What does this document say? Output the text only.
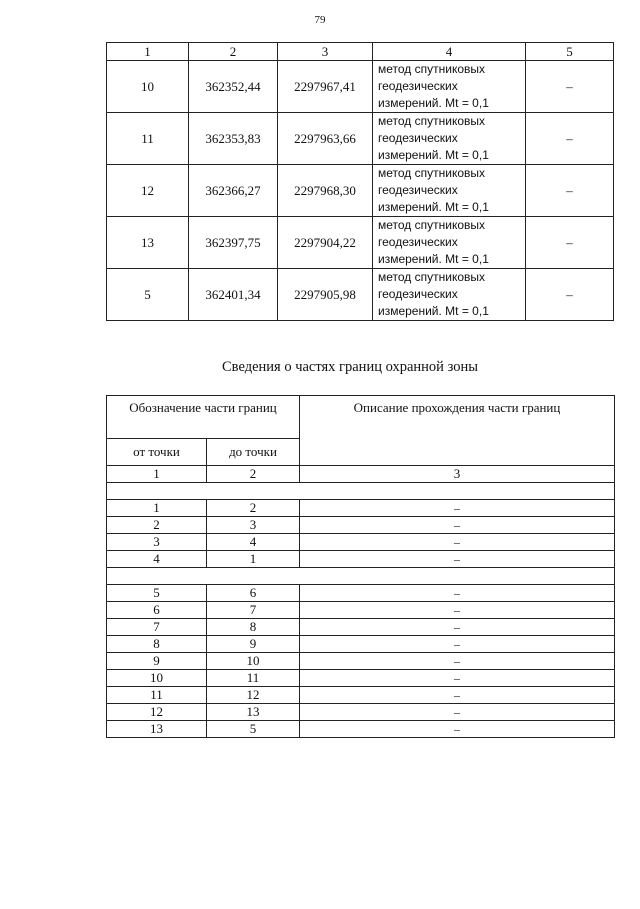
79
1	2	3	4	5
10	362352,44	2297967,41	метод спутниковых
геодезических
измерений. Mt = 0,1	–
11	362353,83	2297963,66	метод спутниковых
геодезических
измерений. Mt = 0,1	–
12	362366,27	2297968,30	метод спутниковых
геодезических
измерений. Mt = 0,1	–
13	362397,75	2297904,22	метод спутниковых
геодезических
измерений. Mt = 0,1	–
5	362401,34	2297905,98	метод спутниковых
геодезических
измерений. Mt = 0,1	–
Сведения о частях границ охранной зоны
Обозначение части границ		Описание прохождения части границ
от точки	до точки	
1	2	3

1	2	–
2	3	–
3	4	–
4	1	–

5	6	–
6	7	–
7	8	–
8	9	–
9	10	–
10	11	–
11	12	–
12	13	–
13	5	–
